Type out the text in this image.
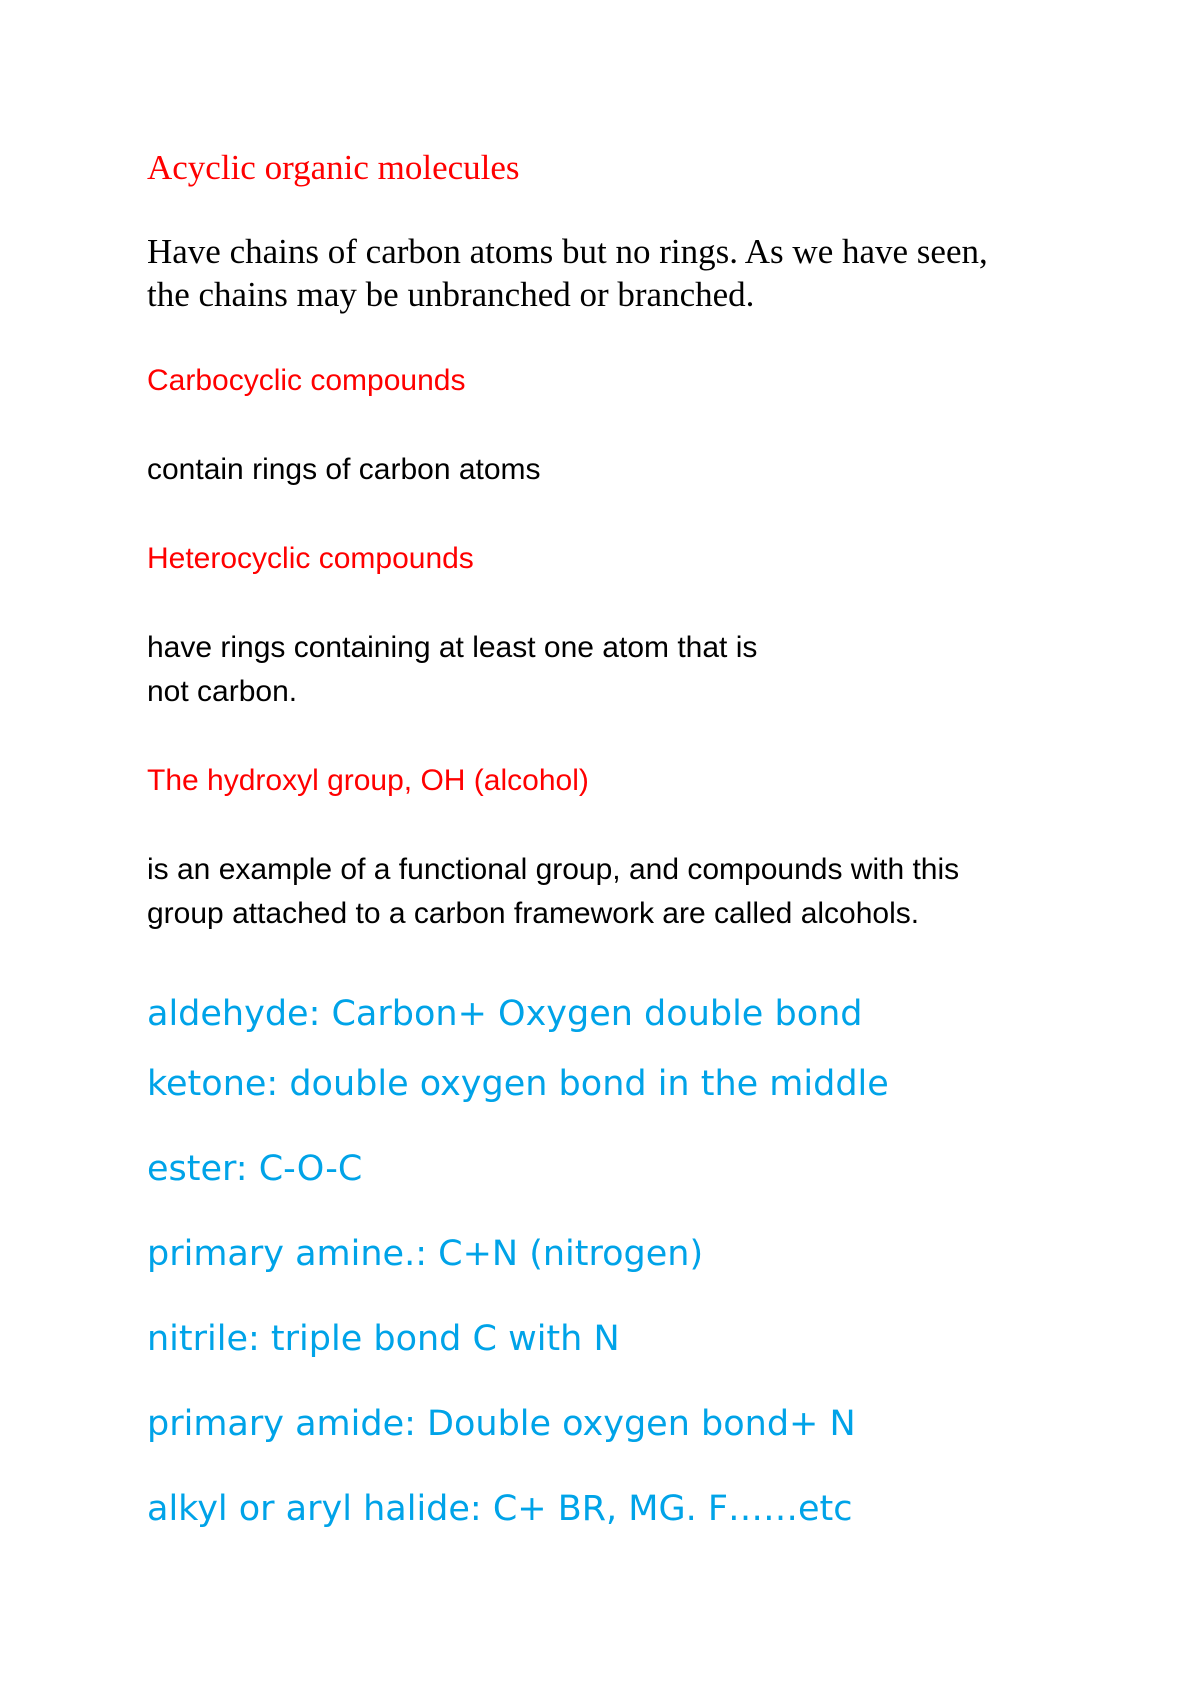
Acyclic organic molecules

Have chains of carbon atoms but no rings. As we have seen,

the chains may be unbranched or branched.

Carbocyclic compounds

contain rings of carbon atoms

Heterocyclic compounds

have rings containing at least one atom that is

not carbon.

The hydroxyl group, OH (alcohol)

is an example of a functional group, and compounds with this

group attached to a carbon framework are called alcohols.

aldehyde: Carbon+ Oxygen double bond

ketone: double oxygen bond in the middle

ester: C-O-C

primary amine.: C+N (nitrogen)

nitrile: triple bond C with N

primary amide: Double oxygen bond+ N

alkyl or aryl halide: C+ BR, MG. F……etc
